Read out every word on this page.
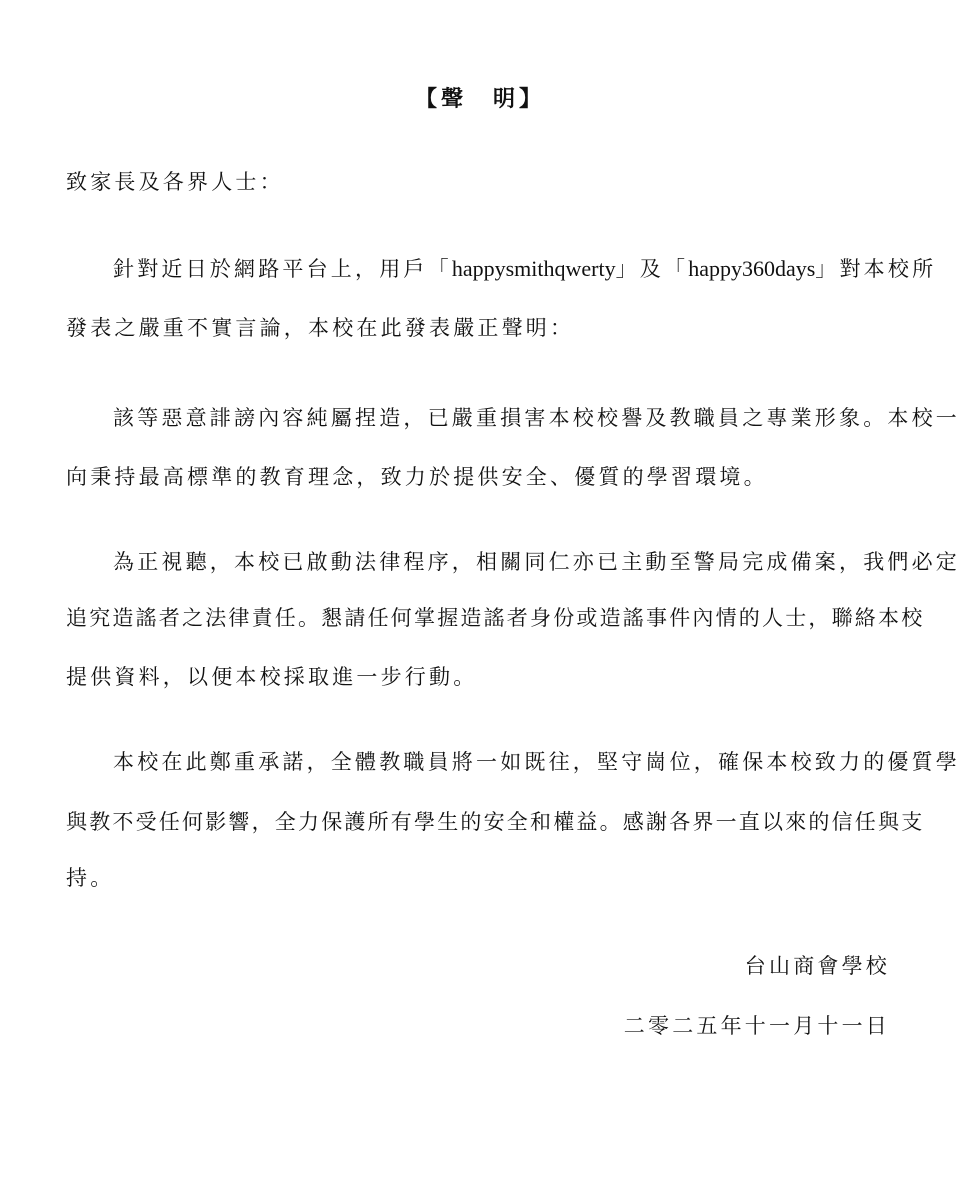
【聲 明】
致家長及各界人士：
針對近日於網路平台上，用戶「happysmithqwerty」及「happy360days」對本校所
發表之嚴重不實言論，本校在此發表嚴正聲明：
該等惡意誹謗內容純屬捏造，已嚴重損害本校校譽及教職員之專業形象。本校一
向秉持最高標準的教育理念，致力於提供安全、優質的學習環境。
為正視聽，本校已啟動法律程序，相關同仁亦已主動至警局完成備案，我們必定
追究造謠者之法律責任。懇請任何掌握造謠者身份或造謠事件內情的人士，聯絡本校
提供資料，以便本校採取進一步行動。
本校在此鄭重承諾，全體教職員將一如既往，堅守崗位，確保本校致力的優質學
與教不受任何影響，全力保護所有學生的安全和權益。感謝各界一直以來的信任與支
持。
台山商會學校
二零二五年十一月十一日
